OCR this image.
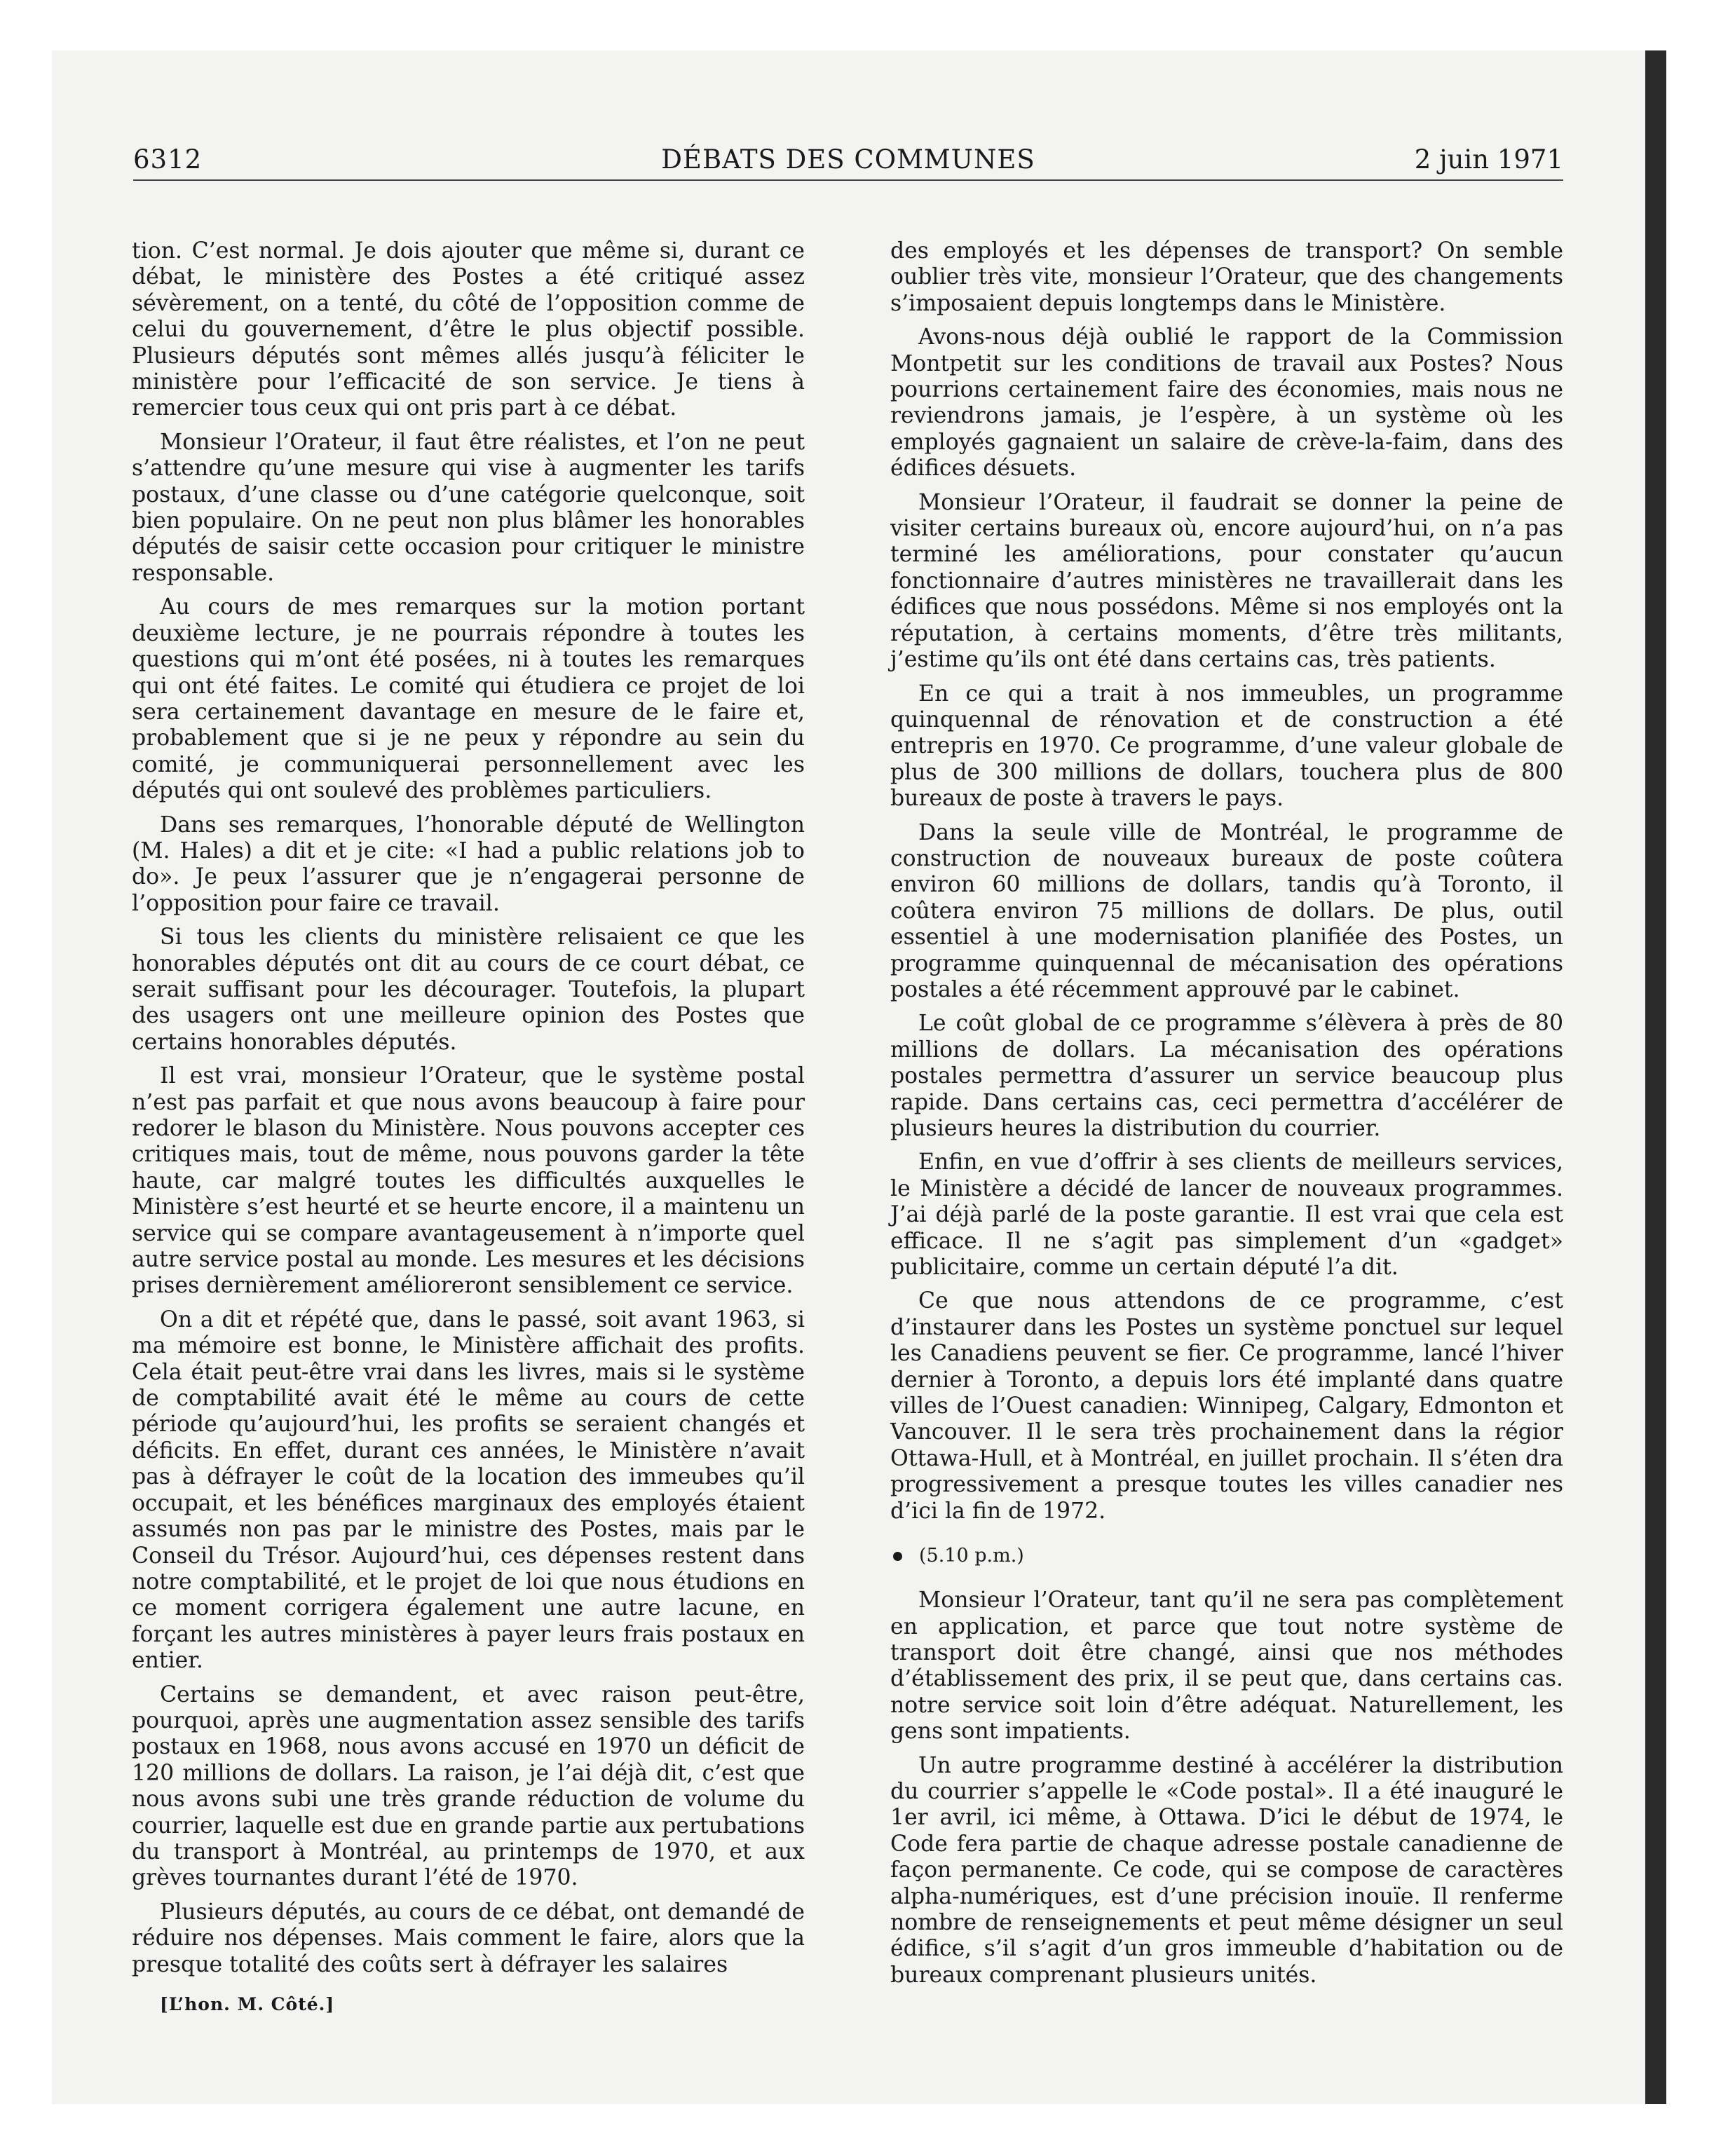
6312	DÉBATS DES COMMUNES	2 juin 1971

tion. C’est normal. Je dois ajouter que même si, durant ce débat, le ministère des Postes a été critiqué assez sévèrement, on a tenté, du côté de l’opposition comme de celui du gouvernement, d’être le plus objectif possible. Plusieurs députés sont mêmes allés jusqu’à féliciter le ministère pour l’efficacité de son service. Je tiens à remercier tous ceux qui ont pris part à ce débat.

Monsieur l’Orateur, il faut être réalistes, et l’on ne peut s’attendre qu’une mesure qui vise à augmenter les tarifs postaux, d’une classe ou d’une catégorie quelconque, soit bien populaire. On ne peut non plus blâmer les honorables députés de saisir cette occasion pour critiquer le ministre responsable.

Au cours de mes remarques sur la motion portant deuxième lecture, je ne pourrais répondre à toutes les questions qui m’ont été posées, ni à toutes les remarques qui ont été faites. Le comité qui étudiera ce projet de loi sera certainement davantage en mesure de le faire et, probablement que si je ne peux y répondre au sein du comité, je communiquerai personnellement avec les députés qui ont soulevé des problèmes particuliers.

Dans ses remarques, l’honorable député de Wellington (M. Hales) a dit et je cite: «I had a public relations job to do». Je peux l’assurer que je n’engagerai personne de l’opposition pour faire ce travail.

Si tous les clients du ministère relisaient ce que les honorables députés ont dit au cours de ce court débat, ce serait suffisant pour les décourager. Toutefois, la plupart des usagers ont une meilleure opinion des Postes que certains honorables députés.

Il est vrai, monsieur l’Orateur, que le système postal n’est pas parfait et que nous avons beaucoup à faire pour redorer le blason du Ministère. Nous pouvons accepter ces critiques mais, tout de même, nous pouvons garder la tête haute, car malgré toutes les difficultés auxquelles le Ministère s’est heurté et se heurte encore, il a maintenu un service qui se compare avantageusement à n’importe quel autre service postal au monde. Les mesures et les décisions prises dernièrement amélioreront sensiblement ce service.

On a dit et répété que, dans le passé, soit avant 1963, si ma mémoire est bonne, le Ministère affichait des profits. Cela était peut-être vrai dans les livres, mais si le système de comptabilité avait été le même au cours de cette période qu’aujourd’hui, les profits se seraient changés et déficits. En effet, durant ces années, le Ministère n’avait pas à défrayer le coût de la location des immeubes qu’il occupait, et les bénéfices marginaux des employés étaient assumés non pas par le ministre des Postes, mais par le Conseil du Trésor. Aujourd’hui, ces dépenses restent dans notre comptabilité, et le projet de loi que nous étudions en ce moment corrigera également une autre lacune, en forçant les autres ministères à payer leurs frais postaux en entier.

Certains se demandent, et avec raison peut-être, pourquoi, après une augmentation assez sensible des tarifs postaux en 1968, nous avons accusé en 1970 un déficit de 120 millions de dollars. La raison, je l’ai déjà dit, c’est que nous avons subi une très grande réduction de volume du courrier, laquelle est due en grande partie aux pertubations du transport à Montréal, au printemps de 1970, et aux grèves tournantes durant l’été de 1970.

Plusieurs députés, au cours de ce débat, ont demandé de réduire nos dépenses. Mais comment le faire, alors que la presque totalité des coûts sert à défrayer les salaires

[L’hon. M. Côté.]

des employés et les dépenses de transport? On semble oublier très vite, monsieur l’Orateur, que des changements s’imposaient depuis longtemps dans le Ministère.

Avons-nous déjà oublié le rapport de la Commission Montpetit sur les conditions de travail aux Postes? Nous pourrions certainement faire des économies, mais nous ne reviendrons jamais, je l’espère, à un système où les employés gagnaient un salaire de crève-la-faim, dans des édifices désuets.

Monsieur l’Orateur, il faudrait se donner la peine de visiter certains bureaux où, encore aujourd’hui, on n’a pas terminé les améliorations, pour constater qu’aucun fonctionnaire d’autres ministères ne travaillerait dans les édifices que nous possédons. Même si nos employés ont la réputation, à certains moments, d’être très militants, j’estime qu’ils ont été dans certains cas, très patients.

En ce qui a trait à nos immeubles, un programme quinquennal de rénovation et de construction a été entrepris en 1970. Ce programme, d’une valeur globale de plus de 300 millions de dollars, touchera plus de 800 bureaux de poste à travers le pays.

Dans la seule ville de Montréal, le programme de construction de nouveaux bureaux de poste coûtera environ 60 millions de dollars, tandis qu’à Toronto, il coûtera environ 75 millions de dollars. De plus, outil essentiel à une modernisation planifiée des Postes, un programme quinquennal de mécanisation des opérations postales a été récemment approuvé par le cabinet.

Le coût global de ce programme s’élèvera à près de 80 millions de dollars. La mécanisation des opérations postales permettra d’assurer un service beaucoup plus rapide. Dans certains cas, ceci permettra d’accélérer de plusieurs heures la distribution du courrier.

Enfin, en vue d’offrir à ses clients de meilleurs services, le Ministère a décidé de lancer de nouveaux programmes. J’ai déjà parlé de la poste garantie. Il est vrai que cela est efficace. Il ne s’agit pas simplement d’un «gadget» publicitaire, comme un certain député l’a dit.

Ce que nous attendons de ce programme, c’est d’instaurer dans les Postes un système ponctuel sur lequel les Canadiens peuvent se fier. Ce programme, lancé l’hiver dernier à Toronto, a depuis lors été implanté dans quatre villes de l’Ouest canadien: Winnipeg, Calgary, Edmonton et Vancouver. Il le sera très prochainement dans la régior Ottawa-Hull, et à Montréal, en juillet prochain. Il s’éten dra progressivement a presque toutes les villes canadier nes d’ici la fin de 1972.

(5.10 p.m.)

Monsieur l’Orateur, tant qu’il ne sera pas complètement en application, et parce que tout notre système de transport doit être changé, ainsi que nos méthodes d’établissement des prix, il se peut que, dans certains cas. notre service soit loin d’être adéquat. Naturellement, les gens sont impatients.

Un autre programme destiné à accélérer la distribution du courrier s’appelle le «Code postal». Il a été inauguré le 1er avril, ici même, à Ottawa. D’ici le début de 1974, le Code fera partie de chaque adresse postale canadienne de façon permanente. Ce code, qui se compose de caractères alpha-numériques, est d’une précision inouïe. Il renferme nombre de renseignements et peut même désigner un seul édifice, s’il s’agit d’un gros immeuble d’habitation ou de bureaux comprenant plusieurs unités.
